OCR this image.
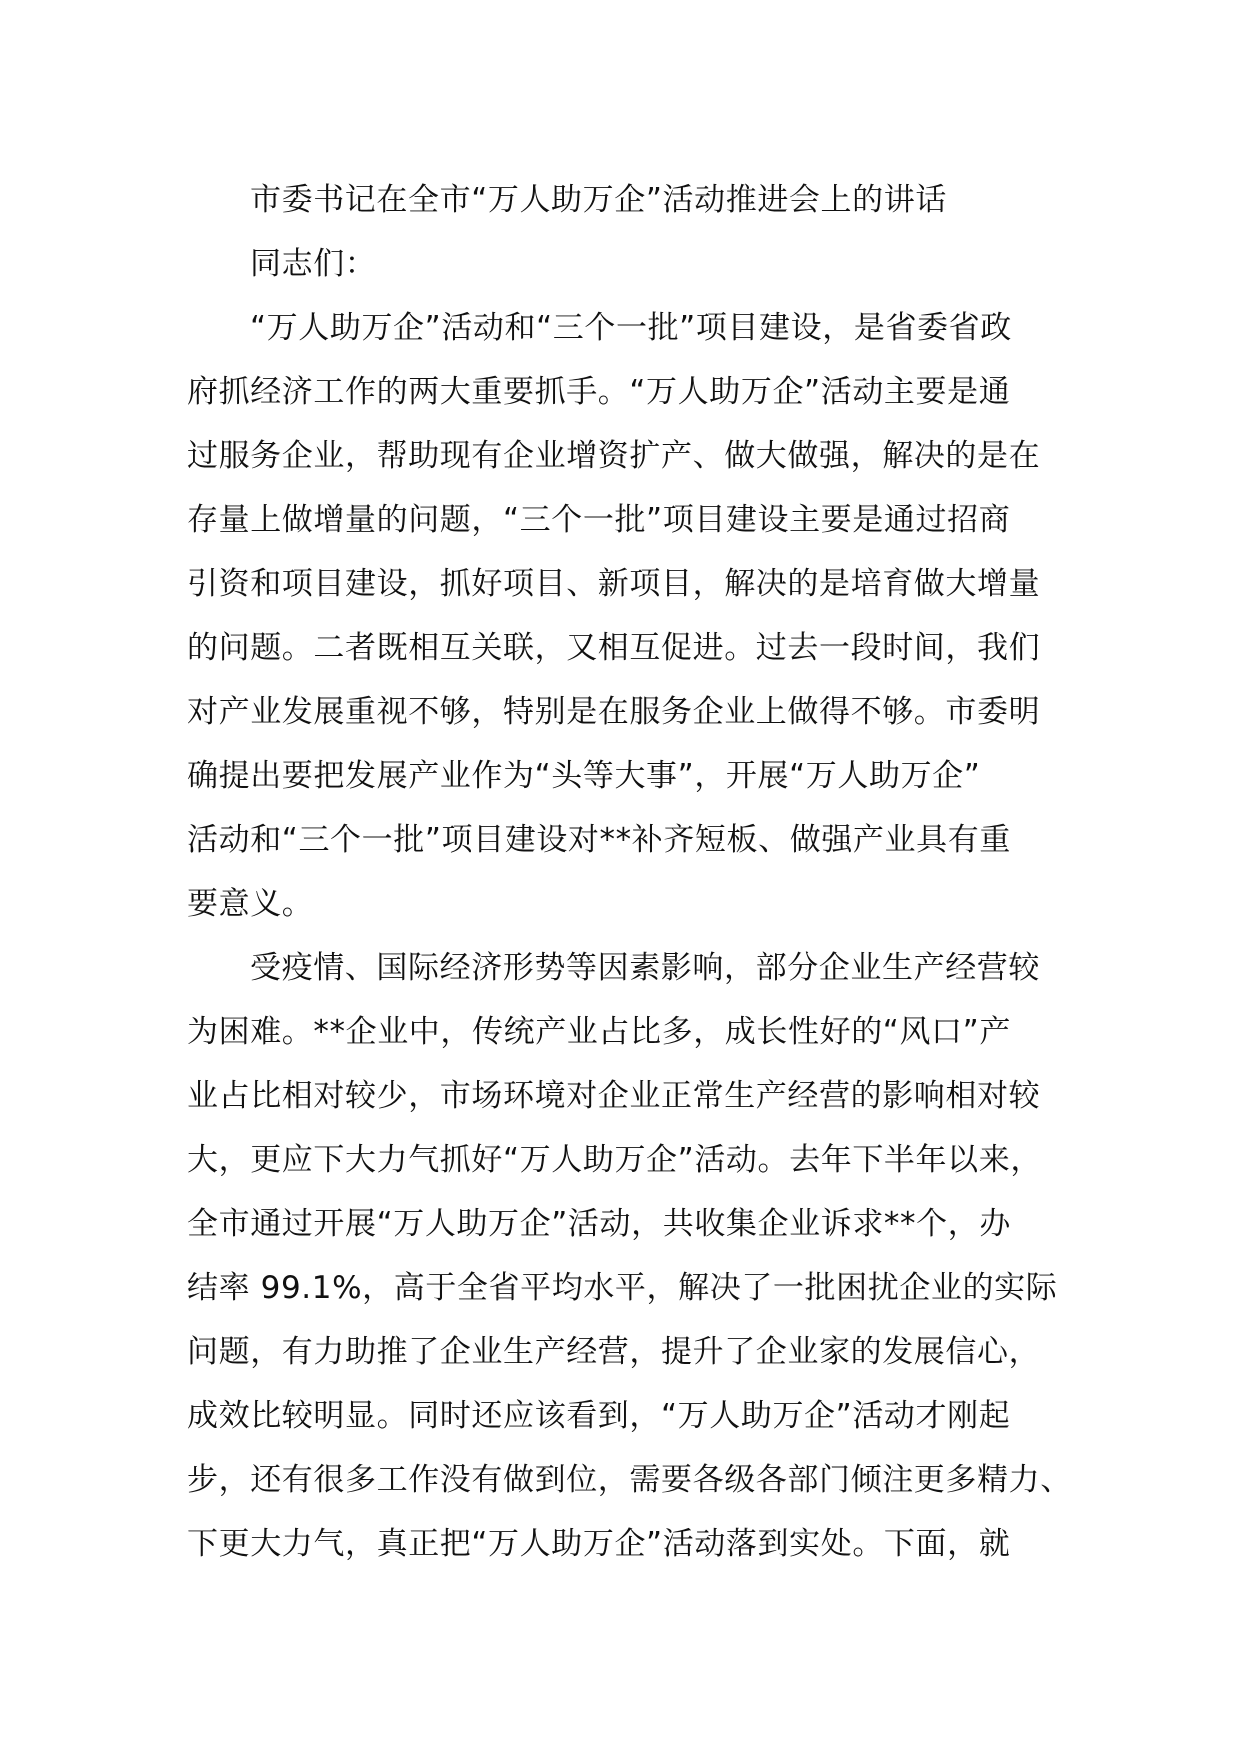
市委书记在全市“万人助万企”活动推进会上的讲话
同志们：
“万人助万企”活动和“三个一批”项目建设，是省委省政
府抓经济工作的两大重要抓手。“万人助万企”活动主要是通
过服务企业，帮助现有企业增资扩产、做大做强，解决的是在
存量上做增量的问题，“三个一批”项目建设主要是通过招商
引资和项目建设，抓好项目、新项目，解决的是培育做大增量
的问题。二者既相互关联，又相互促进。过去一段时间，我们
对产业发展重视不够，特别是在服务企业上做得不够。市委明
确提出要把发展产业作为“头等大事”，开展“万人助万企”
活动和“三个一批”项目建设对**补齐短板、做强产业具有重
要意义。
受疫情、国际经济形势等因素影响，部分企业生产经营较
为困难。**企业中，传统产业占比多，成长性好的“风口”产
业占比相对较少，市场环境对企业正常生产经营的影响相对较
大，更应下大力气抓好“万人助万企”活动。去年下半年以来，
全市通过开展“万人助万企”活动，共收集企业诉求**个，办
结率 99.1%，高于全省平均水平，解决了一批困扰企业的实际
问题，有力助推了企业生产经营，提升了企业家的发展信心，
成效比较明显。同时还应该看到，“万人助万企”活动才刚起
步，还有很多工作没有做到位，需要各级各部门倾注更多精力、
下更大力气，真正把“万人助万企”活动落到实处。下面，就
